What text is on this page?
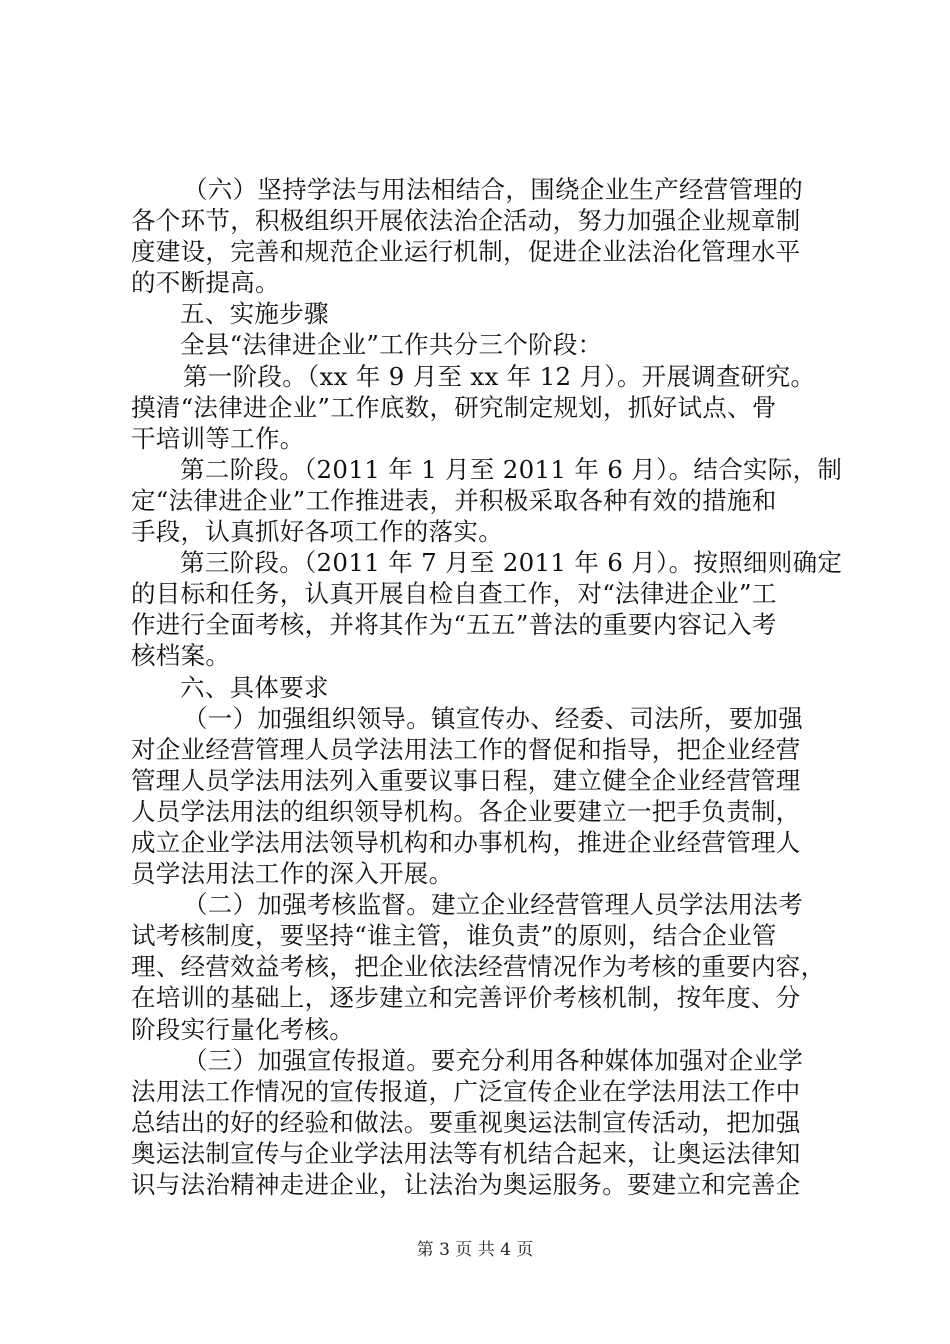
（六）坚持学法与用法相结合，围绕企业生产经营管理的
各个环节，积极组织开展依法治企活动，努力加强企业规章制
度建设，完善和规范企业运行机制，促进企业法治化管理水平
的不断提高。
五、实施步骤
全县“法律进企业”工作共分三个阶段：
第一阶段。（xx 年 9 月至 xx 年 12 月）。开展调查研究。
摸清“法律进企业”工作底数，研究制定规划，抓好试点、骨
干培训等工作。
第二阶段。（2011 年 1 月至 2011 年 6 月）。结合实际，制
定“法律进企业”工作推进表，并积极采取各种有效的措施和
手段，认真抓好各项工作的落实。
第三阶段。（2011 年 7 月至 2011 年 6 月）。按照细则确定
的目标和任务，认真开展自检自查工作，对“法律进企业”工
作进行全面考核，并将其作为“五五”普法的重要内容记入考
核档案。
六、具体要求
（一）加强组织领导。镇宣传办、经委、司法所，要加强
对企业经营管理人员学法用法工作的督促和指导，把企业经营
管理人员学法用法列入重要议事日程，建立健全企业经营管理
人员学法用法的组织领导机构。各企业要建立一把手负责制，
成立企业学法用法领导机构和办事机构，推进企业经营管理人
员学法用法工作的深入开展。
（二）加强考核监督。建立企业经营管理人员学法用法考
试考核制度，要坚持“谁主管，谁负责”的原则，结合企业管
理、经营效益考核，把企业依法经营情况作为考核的重要内容，
在培训的基础上，逐步建立和完善评价考核机制，按年度、分
阶段实行量化考核。
（三）加强宣传报道。要充分利用各种媒体加强对企业学
法用法工作情况的宣传报道，广泛宣传企业在学法用法工作中
总结出的好的经验和做法。要重视奥运法制宣传活动，把加强
奥运法制宣传与企业学法用法等有机结合起来，让奥运法律知
识与法治精神走进企业，让法治为奥运服务。要建立和完善企
第 3 页 共 4 页
